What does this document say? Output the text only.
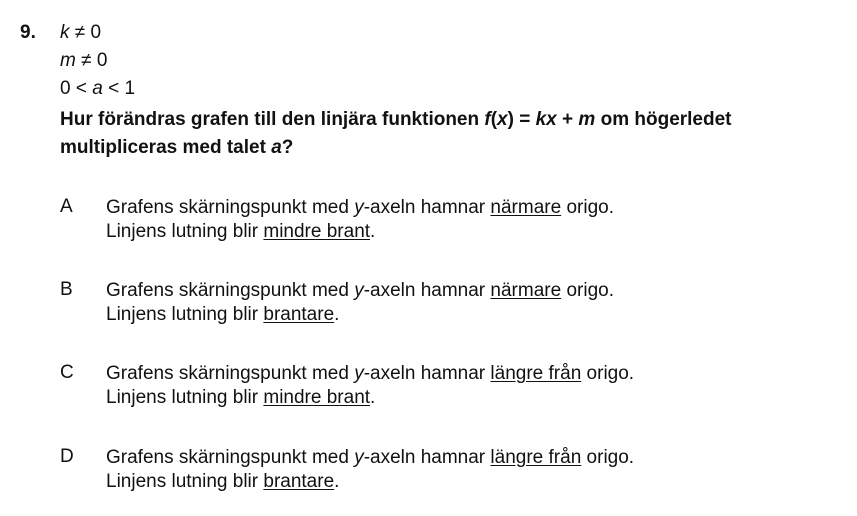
9. k ≠ 0
m ≠ 0
0 < a < 1
Hur förändras grafen till den linjära funktionen f(x) = kx + m om högerledet multipliceras med talet a?
A Grafens skärningspunkt med y-axeln hamnar närmare origo.
Linjens lutning blir mindre brant.
B Grafens skärningspunkt med y-axeln hamnar närmare origo.
Linjens lutning blir brantare.
C Grafens skärningspunkt med y-axeln hamnar längre från origo.
Linjens lutning blir mindre brant.
D Grafens skärningspunkt med y-axeln hamnar längre från origo.
Linjens lutning blir brantare.
